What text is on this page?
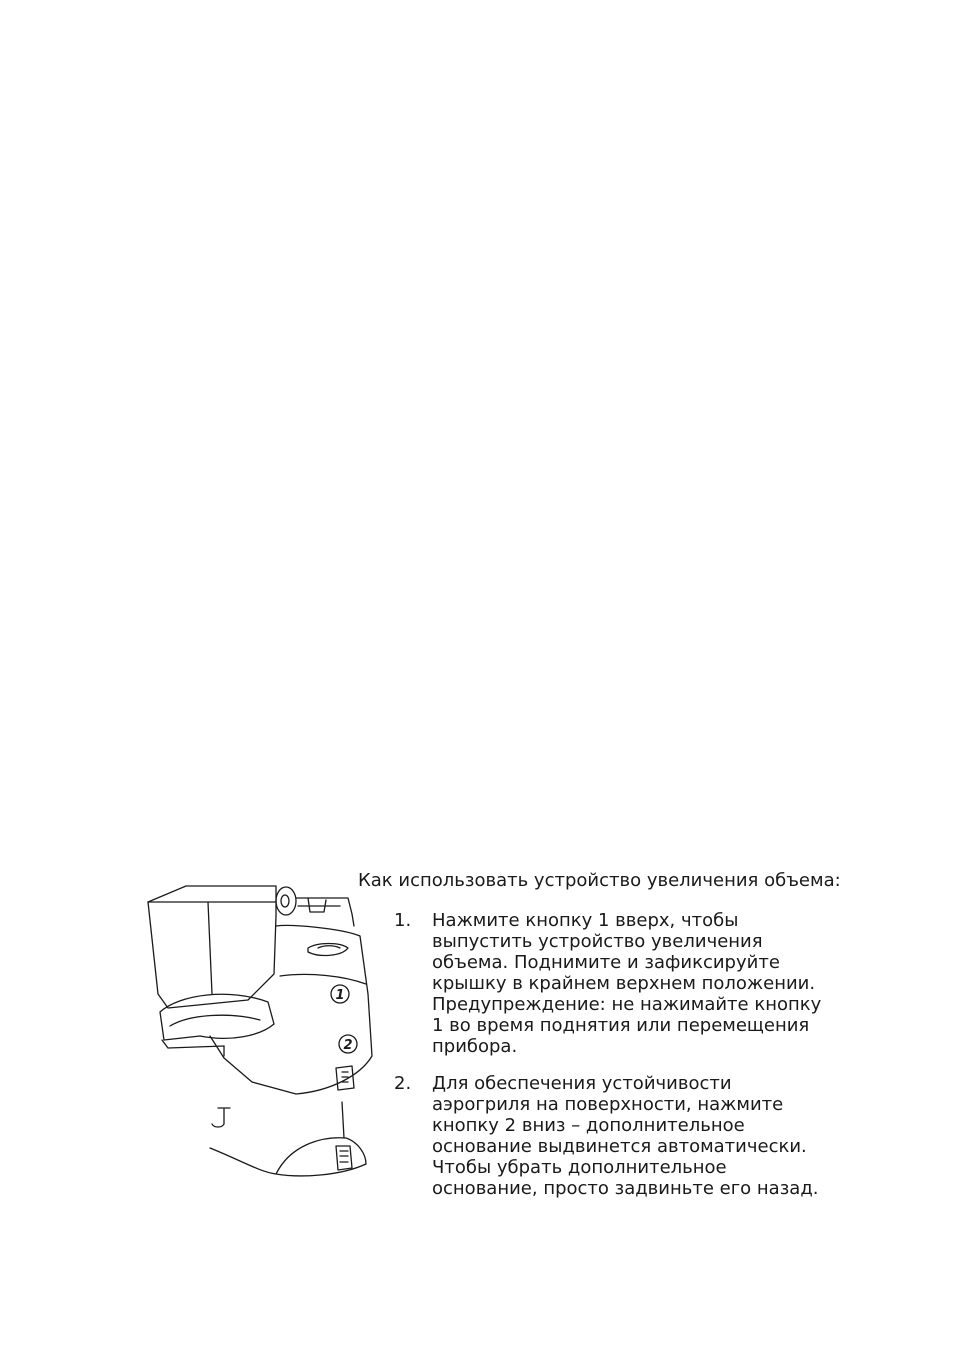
1
2
Как использовать устройство увеличения объема:
1.	Нажмите кнопку 1 вверх, чтобы
выпустить устройство увеличения
объема. Поднимите и зафиксируйте
крышку в крайнем верхнем положении.
Предупреждение: не нажимайте кнопку
1 во время поднятия или перемещения
прибора.
2.	Для обеспечения устойчивости
аэрогриля на поверхности, нажмите
кнопку 2 вниз – дополнительное
основание выдвинется автоматически.
Чтобы убрать дополнительное
основание, просто задвиньте его назад.
